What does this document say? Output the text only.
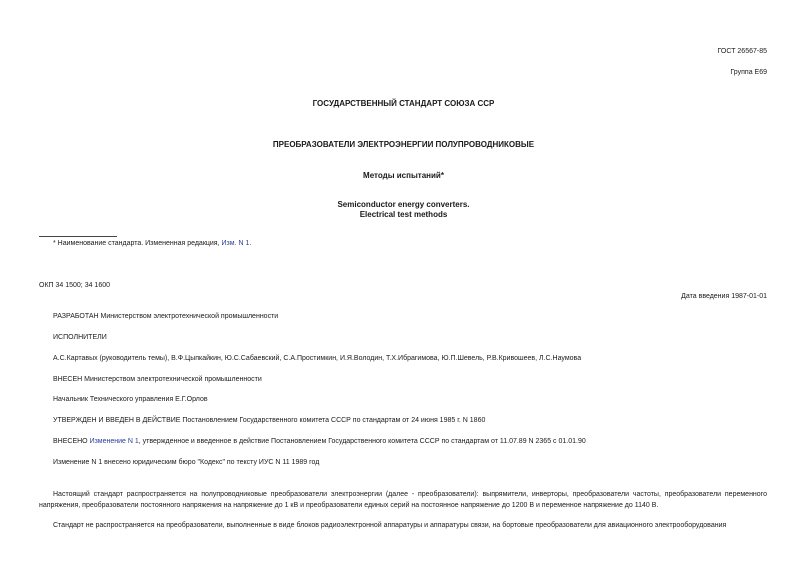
ГОСТ 26567-85
Группа Е69
ГОСУДАРСТВЕННЫЙ СТАНДАРТ СОЮЗА ССР
ПРЕОБРАЗОВАТЕЛИ ЭЛЕКТРОЭНЕРГИИ ПОЛУПРОВОДНИКОВЫЕ
Методы испытаний*
Semiconductor energy converters.
Electrical test methods
* Наименование стандарта. Измененная редакция, Изм. N 1.
ОКП 34 1500; 34 1600
Дата введения 1987-01-01
РАЗРАБОТАН Министерством электротехнической промышленности
ИСПОЛНИТЕЛИ
А.С.Картавых (руководитель темы), В.Ф.Цыпкайкин, Ю.С.Сабаевский, С.А.Простимкин, И.Я.Володин, Т.Х.Ибрагимова, Ю.П.Шевель, Р.В.Кривошеев, Л.С.Наумова
ВНЕСЕН Министерством электротехнической промышленности
Начальник Технического управления Е.Г.Орлов
УТВЕРЖДЕН И ВВЕДЕН В ДЕЙСТВИЕ Постановлением Государственного комитета СССР по стандартам от 24 июня 1985 г. N 1860
ВНЕСЕНО Изменение N 1, утвержденное и введенное в действие Постановлением Государственного комитета СССР по стандартам от 11.07.89 N 2365 с 01.01.90
Изменение N 1 внесено юридическим бюро "Кодекс" по тексту ИУС N 11 1989 год
Настоящий стандарт распространяется на полупроводниковые преобразователи электроэнергии (далее - преобразователи): выпрямители, инверторы, преобразователи частоты, преобразователи переменного напряжения, преобразователи постоянного напряжения на напряжение до 1 кВ и преобразователи единых серий на постоянное напряжение до 1200 В и переменное напряжение до 1140 В.
Стандарт не распространяется на преобразователи, выполненные в виде блоков радиоэлектронной аппаратуры и аппаратуры связи, на бортовые преобразователи для авиационного электрооборудования
